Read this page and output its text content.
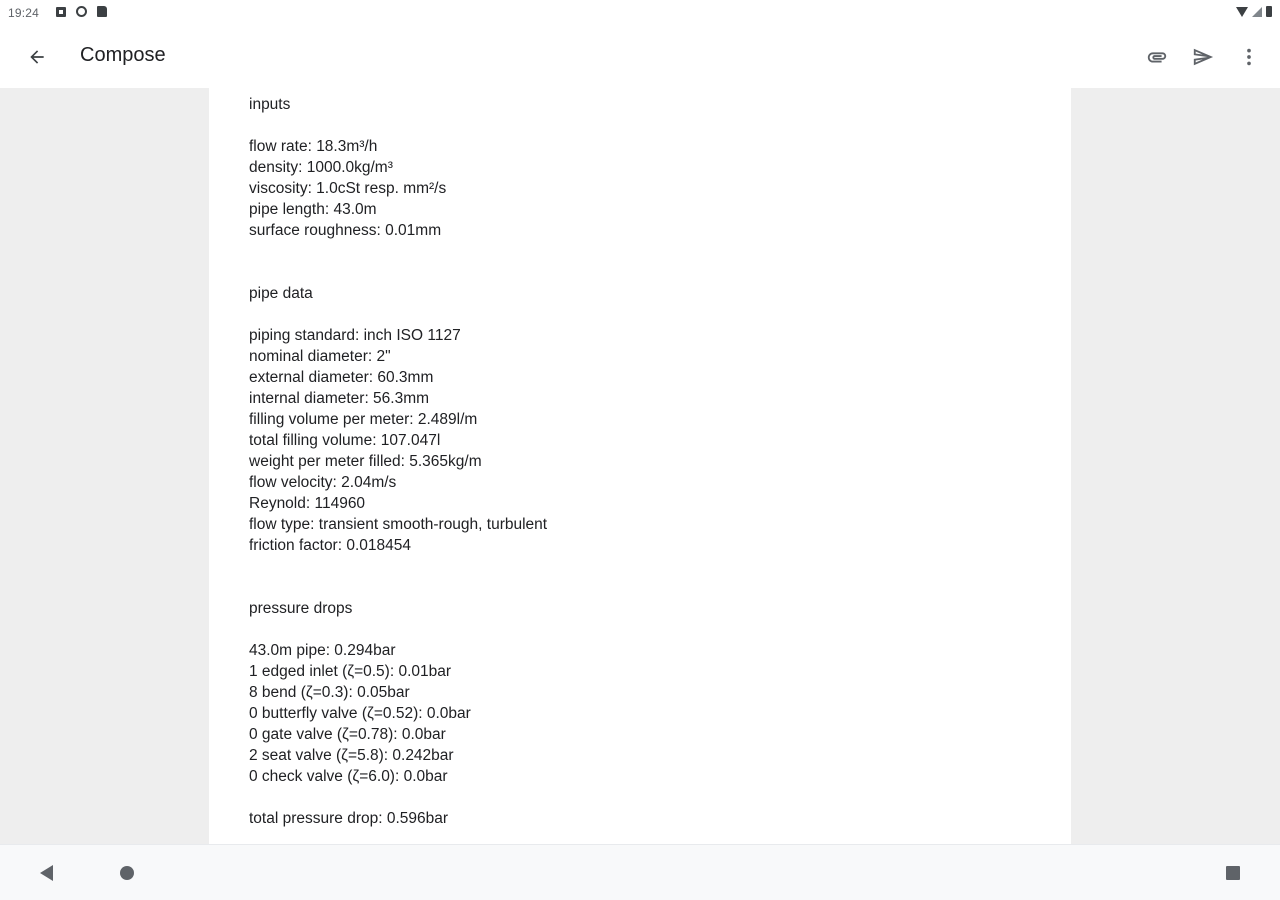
19:24
Compose

inputs

flow rate: 18.3m³/h

density: 1000.0kg/m³

viscosity: 1.0cSt resp. mm²/s

pipe length: 43.0m

surface roughness: 0.01mm

pipe data

piping standard: inch ISO 1127

nominal diameter: 2"

external diameter: 60.3mm

internal diameter: 56.3mm

filling volume per meter: 2.489l/m

total filling volume: 107.047l

weight per meter filled: 5.365kg/m

flow velocity: 2.04m/s

Reynold: 114960

flow type: transient smooth-rough, turbulent

friction factor: 0.018454

pressure drops

43.0m pipe: 0.294bar

1 edged inlet (ζ=0.5): 0.01bar

8 bend (ζ=0.3): 0.05bar

0 butterfly valve (ζ=0.52): 0.0bar

0 gate valve (ζ=0.78): 0.0bar

2 seat valve (ζ=5.8): 0.242bar

0 check valve (ζ=6.0): 0.0bar

total pressure drop: 0.596bar
